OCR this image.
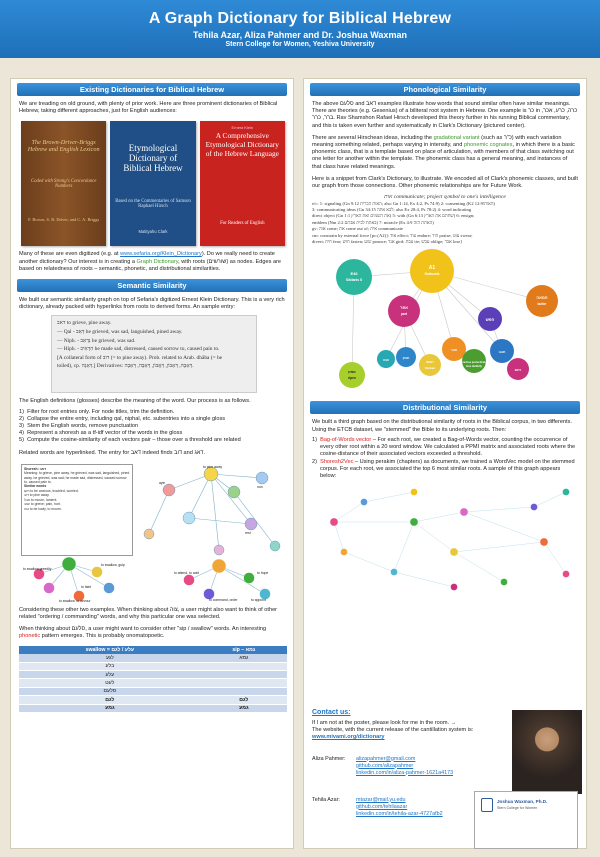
A Graph Dictionary for Biblical Hebrew
Tehila Azar, Aliza Pahmer and Dr. Joshua Waxman
Stern College for Women, Yeshiva University
Existing Dictionaries for Biblical Hebrew
We are treading on old ground, with plenty of prior work. Here are three prominent dictionaries of Biblical Hebrew, taking different approaches, just for English audiences:
The Brown-Driver-Briggs Hebrew and English Lexicon
Coded with Strong's Concordance Numbers
F. Brown, S. R. Driver, and C. A. Briggs
Etymological Dictionary of Biblical Hebrew
Based on the Commentaries of Samson Raphael Hirsch
Matityahu Clark
Ernest Klein
A Comprehensive Etymological Dictionary of the Hebrew Language
For Readers of English
Many of these are even digitized (e.g. at www.sefaria.org/Klein_Dictionary). Do we really need to create another dictionary? Our interest is in creating a Graph Dictionary, with roots (שורשים) as nodes. Edges are based on relatedness of roots – semantic, phonetic, and distributional similarities.
Semantic Similarity
We built our semantic similarity graph on top of Sefaria's digitized Ernest Klein Dictionary. This is a very rich dictionary, already packed with hyperlinks from roots to derived forms. An sample entry:
דאב to grieve, pine away.
— Qal - דָּאַב he grieved, was sad, languished, pined away.
— Niph. - נִדְאַב he grieved, was sad.
— Hiph. - הִדְאִיב he made sad, distressed, caused sorrow to, caused pain to.
[A collateral form of דוב (= to pine away). Prob. related to Arab. dhāba (= he
toiled), cp. דְּאָגָה.] Derivatives: דְּאָבָה, דְּאָבוֹן, דַּאֲבוֹן, דְּאָבָה, דְּאָבָה.
The English definitions (glosses) describe the meaning of the word. Our process is as follows.
1)  Filter for root entries only. For node titles, trim the definition.
2)  Collapse the entire entry, including qal, niphal, etc. subentries into a single gloss
3)  Stem the English words, remove punctuation
4)  Represent a shoresh as a tf-idf vector of the words in the gloss
5)  Compute the cosine-similarity of each vectors pair – those over a threshold are related
Related words are hyperlinked. The entry for דאב indeed finds דוב and דאג.
Shoresh: דאב
Meaning: to grieve, pine away. he grieved, was sad, languished, pined away. he grieved, was sad; he made sad, distressed, caused sorrow to, caused pain to.
Similar words
דאג to be anxious, troubled, worried.
דוב to pine away.
אבל to mourn, lament.
עצב to grieve; pain, hurt.
גנה to be lowly, to mourn.
to swallow, gulp
to swallow greedily
to swallow, to devour
to faint
to attend, to wait
to command, order
to hope
to appoint
to pine away
ayin
nun
rest
Considering these other two examples. When thinking about צוה, a user might also want to think of other related "ordering / commanding" words, and why this particular one was selected.
When thinking about סלעם, a user might want to consider other "sip / swallow" words. An interesting phonetic pattern emerges. This is probably onomatopoetic.
swallow = עלע / לגם	sip – גמא
לגע	גמא
בלע	
עלע	
לעט	
סלעם	
לגם	לגם
גמע	גמע
Phonological Similarity
The above סלעם and דאב examples illustrate how words that sound similar often have similar meanings. There are theories (e.g. Gesenius) of a biliteral root system in Hebrew. One example is כר in כרה, כרע, אכר, ברר, כרר. Rav Shamshon Rafael Hirsch developed this theory further in his running Biblical commentary, and this is taken even further and systematically in Clark's Dictionary (pictured center).
There are several Hirschean ideas, including the gradational variant (such as כ"ר) with each variation meaning something related, perhaps varying in intensity, and phonemic cognates, in which there is a basic phonemic class, that is a template based on place of articulation, with members of that class switching out one letter for another within the template. The phonemic class has a general meaning, and instances of that class have related meanings.
Here is a snippet from Clark's Dictionary, to illustrate. We encoded all of Clark's phonemic classes, and built our graph from those connections. Other phonemic relationships are for Future Work.
אות communicate; project symbol to one's intelligence
e/c: 1: signaling (Gn 9:12 האות הברית; also Gn 1:14, Ex 4:2, Ps 74:9) 2: consenting (K2 12:9האותו)
3: communicating ideas (Gn 34:15 לבא אתה; also Ex 28:4, Ps 78:2) 4: word indicating
direct object (Gn 1:1 את השמים ואת הארץ) 5: with (Gn 6:13 שחתם את הארץ) 6: ensign;
emblem (Nm 2:2 באתת לבית אבתם) 7: miracle (Ex 4:9 האתת הזה)
gv: אוה come; את come out of; אית communicate
cm: constrain by external force [pc:(A2)]: אוד effect; עוד endure; הוד praise; עוט swear;
divert; חית fear; חוש fasten; שוע pounce; אנד gird; עבת tie; עבש oblige; אבד lose]
E46
Sibilants S
A1
Gutturals
אפר
part
חפש
חמאה
butter
חבק
חבש
thicken
חבר
enclose protectively
love dutifully
חבב
רחם
עבה
סמק
ripen
Distributional Similarity
We built a third graph based on the distributional similarity of roots in the Biblical corpus, in two differents. Using the ETCB dataset, we "stemmed" the Bible to its underlying roots. Then:
1)  Bag-of-Words vector – For each root, we created a Bag-of-Words vector, counting the occurrence of every other root within a 20 word window. We calculated a PPMI matrix and associated roots where the cosine-distance of their associated vectors exceeded a threshold.
2)  Shoresh2Vec – Using perakim (chapters) as documents, we trained a WordVec model on the stemmed corpus. For each root, we associated the top 6 most similar roots. A sample of this graph appears below:
Contact us:
If I am not at the poster, please look for me in the room. →
The website, with the current release of the cantillation system is:
www.mivami.org/dictionary
Aliza Pahmer:	alizapahmer@gmail.com
github.com/alizapahmer
linkedin.com/in/aliza-pahmer-1621a4173
Tehila Azar:	mtazar@mail.yu.edu
github.com/tehilaazar
linkedin.com/in/tehila-azar-4727afb2
Joshua Waxman, Ph.D.
Stern College for Women
